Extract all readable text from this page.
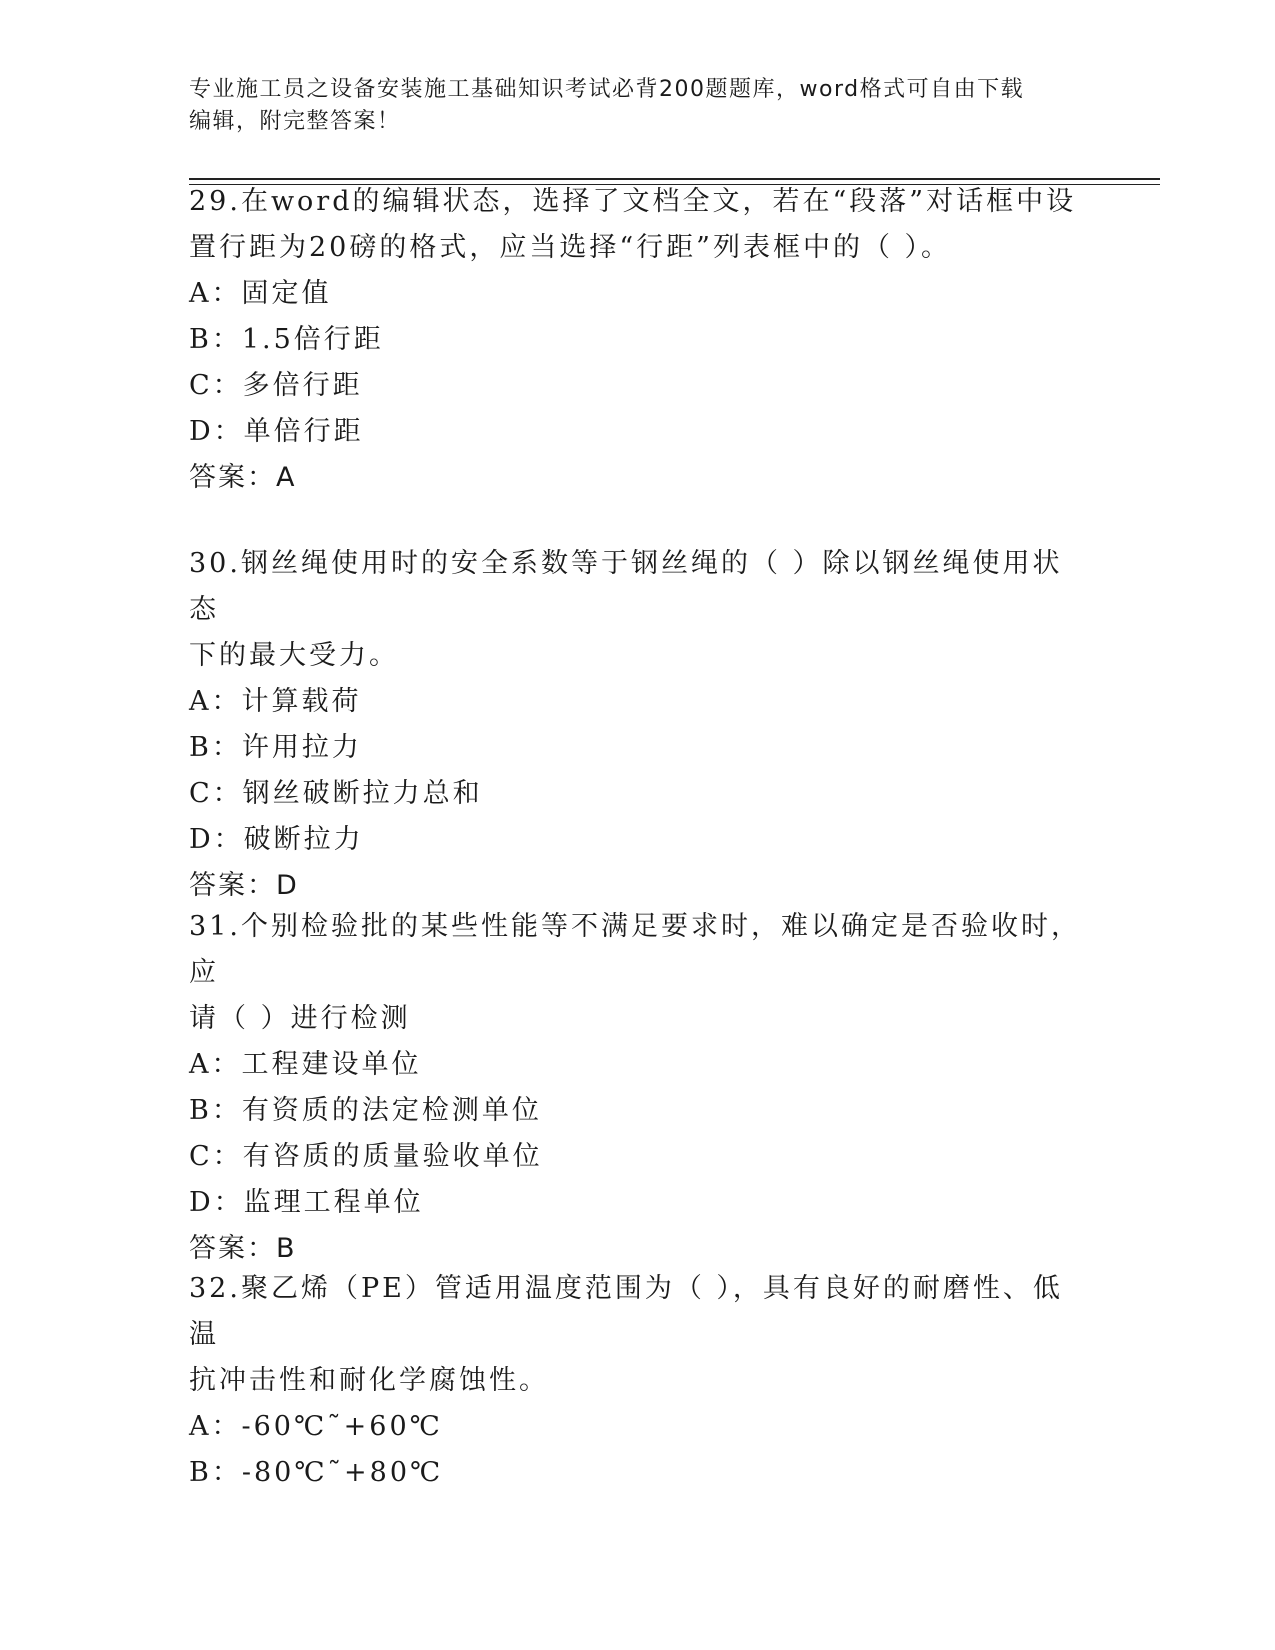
专业施工员之设备安装施工基础知识考试必背200题题库，word格式可自由下载
编辑，附完整答案！
29.在word的编辑状态，选择了文档全文，若在“段落”对话框中设
置行距为20磅的格式，应当选择“行距”列表框中的（ ）。
A：固定值
B：1.5倍行距
C：多倍行距
D：单倍行距
答案：A
30.钢丝绳使用时的安全系数等于钢丝绳的（ ）除以钢丝绳使用状态
下的最大受力。
A：计算载荷
B：许用拉力
C：钢丝破断拉力总和
D：破断拉力
答案：D
31.个别检验批的某些性能等不满足要求时，难以确定是否验收时，应
请（ ）进行检测
A：工程建设单位
B：有资质的法定检测单位
C：有咨质的质量验收单位
D：监理工程单位
答案：B
32.聚乙烯（PE）管适用温度范围为（ ），具有良好的耐磨性、低温
抗冲击性和耐化学腐蚀性。
A：-60℃˜+60℃
B：-80℃˜+80℃
